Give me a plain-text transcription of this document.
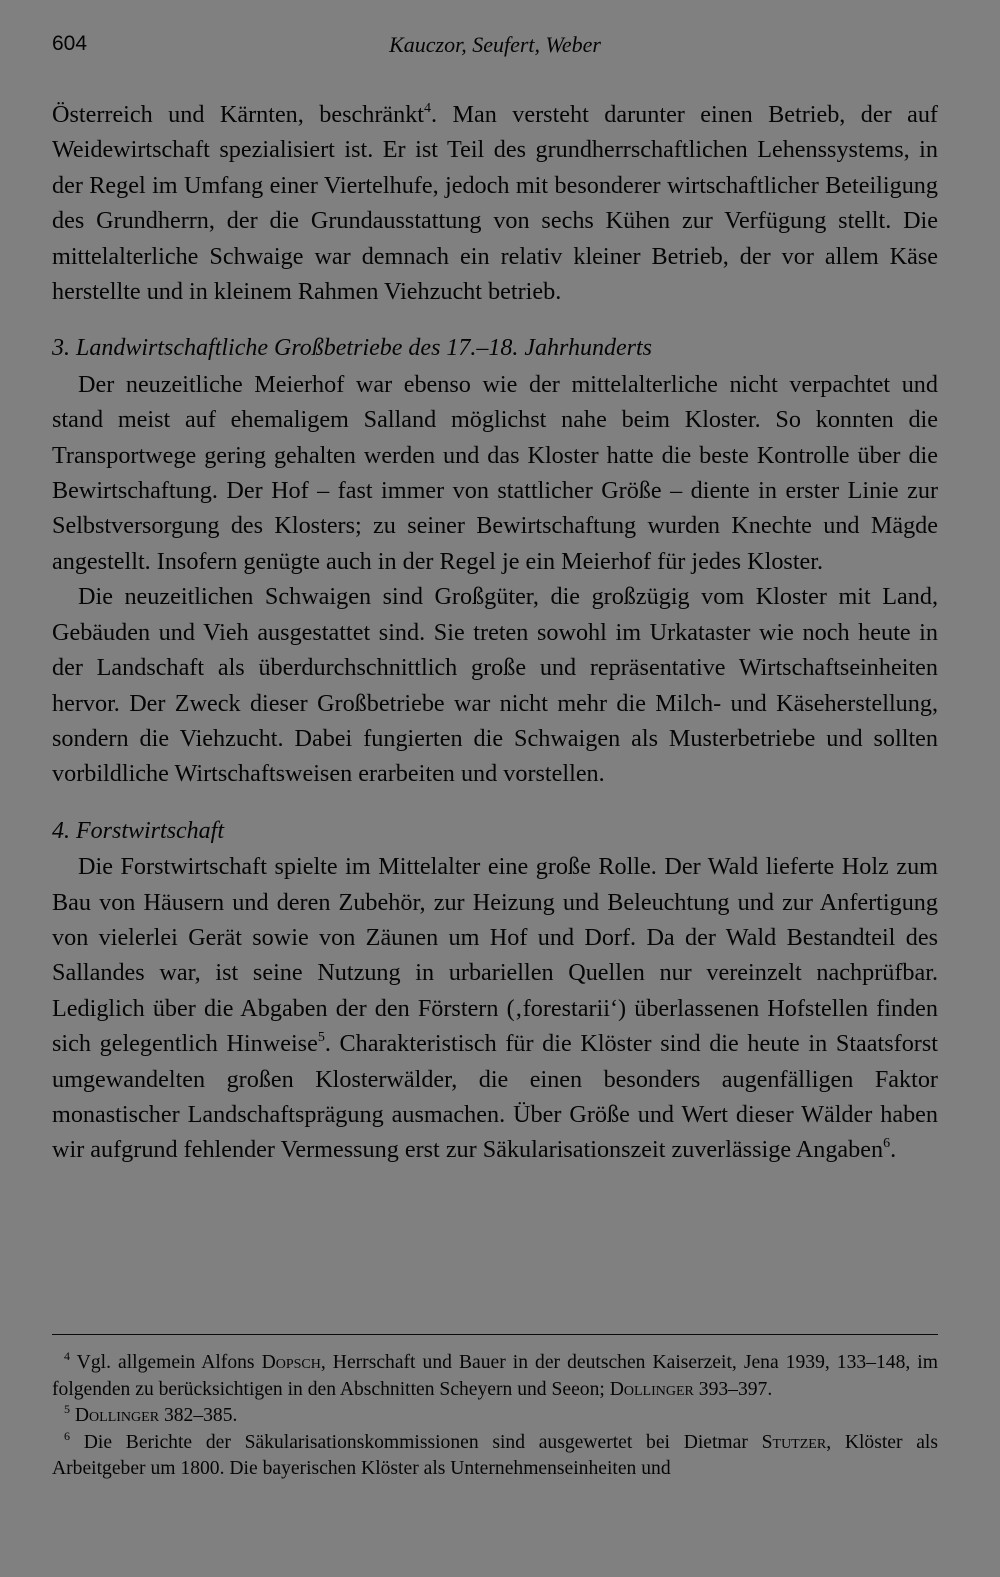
604	Kauczor, Seufert, Weber

Österreich und Kärnten, beschränkt$^4$. Man versteht darunter einen Betrieb, der auf Weidewirtschaft spezialisiert ist. Er ist Teil des grundherrschaftlichen Lehenssystems, in der Regel im Umfang einer Viertelhufe, jedoch mit besonderer wirtschaftlicher Beteiligung des Grundherrn, der die Grundausstattung von sechs Kühen zur Verfügung stellt. Die mittelalterliche Schwaige war demnach ein relativ kleiner Betrieb, der vor allem Käse herstellte und in kleinem Rahmen Viehzucht betrieb.

3. Landwirtschaftliche Großbetriebe des 17.–18. Jahrhunderts

Der neuzeitliche Meierhof war ebenso wie der mittelalterliche nicht verpachtet und stand meist auf ehemaligem Salland möglichst nahe beim Kloster. So konnten die Transportwege gering gehalten werden und das Kloster hatte die beste Kontrolle über die Bewirtschaftung. Der Hof – fast immer von stattlicher Größe – diente in erster Linie zur Selbstversorgung des Klosters; zu seiner Bewirtschaftung wurden Knechte und Mägde angestellt. Insofern genügte auch in der Regel je ein Meierhof für jedes Kloster.

Die neuzeitlichen Schwaigen sind Großgüter, die großzügig vom Kloster mit Land, Gebäuden und Vieh ausgestattet sind. Sie treten sowohl im Urkataster wie noch heute in der Landschaft als überdurchschnittlich große und repräsentative Wirtschaftseinheiten hervor. Der Zweck dieser Großbetriebe war nicht mehr die Milch- und Käseherstellung, sondern die Viehzucht. Dabei fungierten die Schwaigen als Musterbetriebe und sollten vorbildliche Wirtschaftsweisen erarbeiten und vorstellen.

4. Forstwirtschaft

Die Forstwirtschaft spielte im Mittelalter eine große Rolle. Der Wald lieferte Holz zum Bau von Häusern und deren Zubehör, zur Heizung und Beleuchtung und zur Anfertigung von vielerlei Gerät sowie von Zäunen um Hof und Dorf. Da der Wald Bestandteil des Sallandes war, ist seine Nutzung in urbariellen Quellen nur vereinzelt nachprüfbar. Lediglich über die Abgaben der den Förstern (‚forestarii‘) überlassenen Hofstellen finden sich gelegentlich Hinweise$^5$. Charakteristisch für die Klöster sind die heute in Staatsforst umgewandelten großen Klosterwälder, die einen besonders augenfälligen Faktor monastischer Landschaftsprägung ausmachen. Über Größe und Wert dieser Wälder haben wir aufgrund fehlender Vermessung erst zur Säkularisationszeit zuverlässige Angaben$^6$.

$^4$ Vgl. allgemein Alfons Dopsch, Herrschaft und Bauer in der deutschen Kaiserzeit, Jena 1939, 133–148, im folgenden zu berücksichtigen in den Abschnitten Scheyern und Seeon; Dollinger 393–397.

$^5$ Dollinger 382–385.

$^6$ Die Berichte der Säkularisationskommissionen sind ausgewertet bei Dietmar Stutzer, Klöster als Arbeitgeber um 1800. Die bayerischen Klöster als Unternehmenseinheiten und
